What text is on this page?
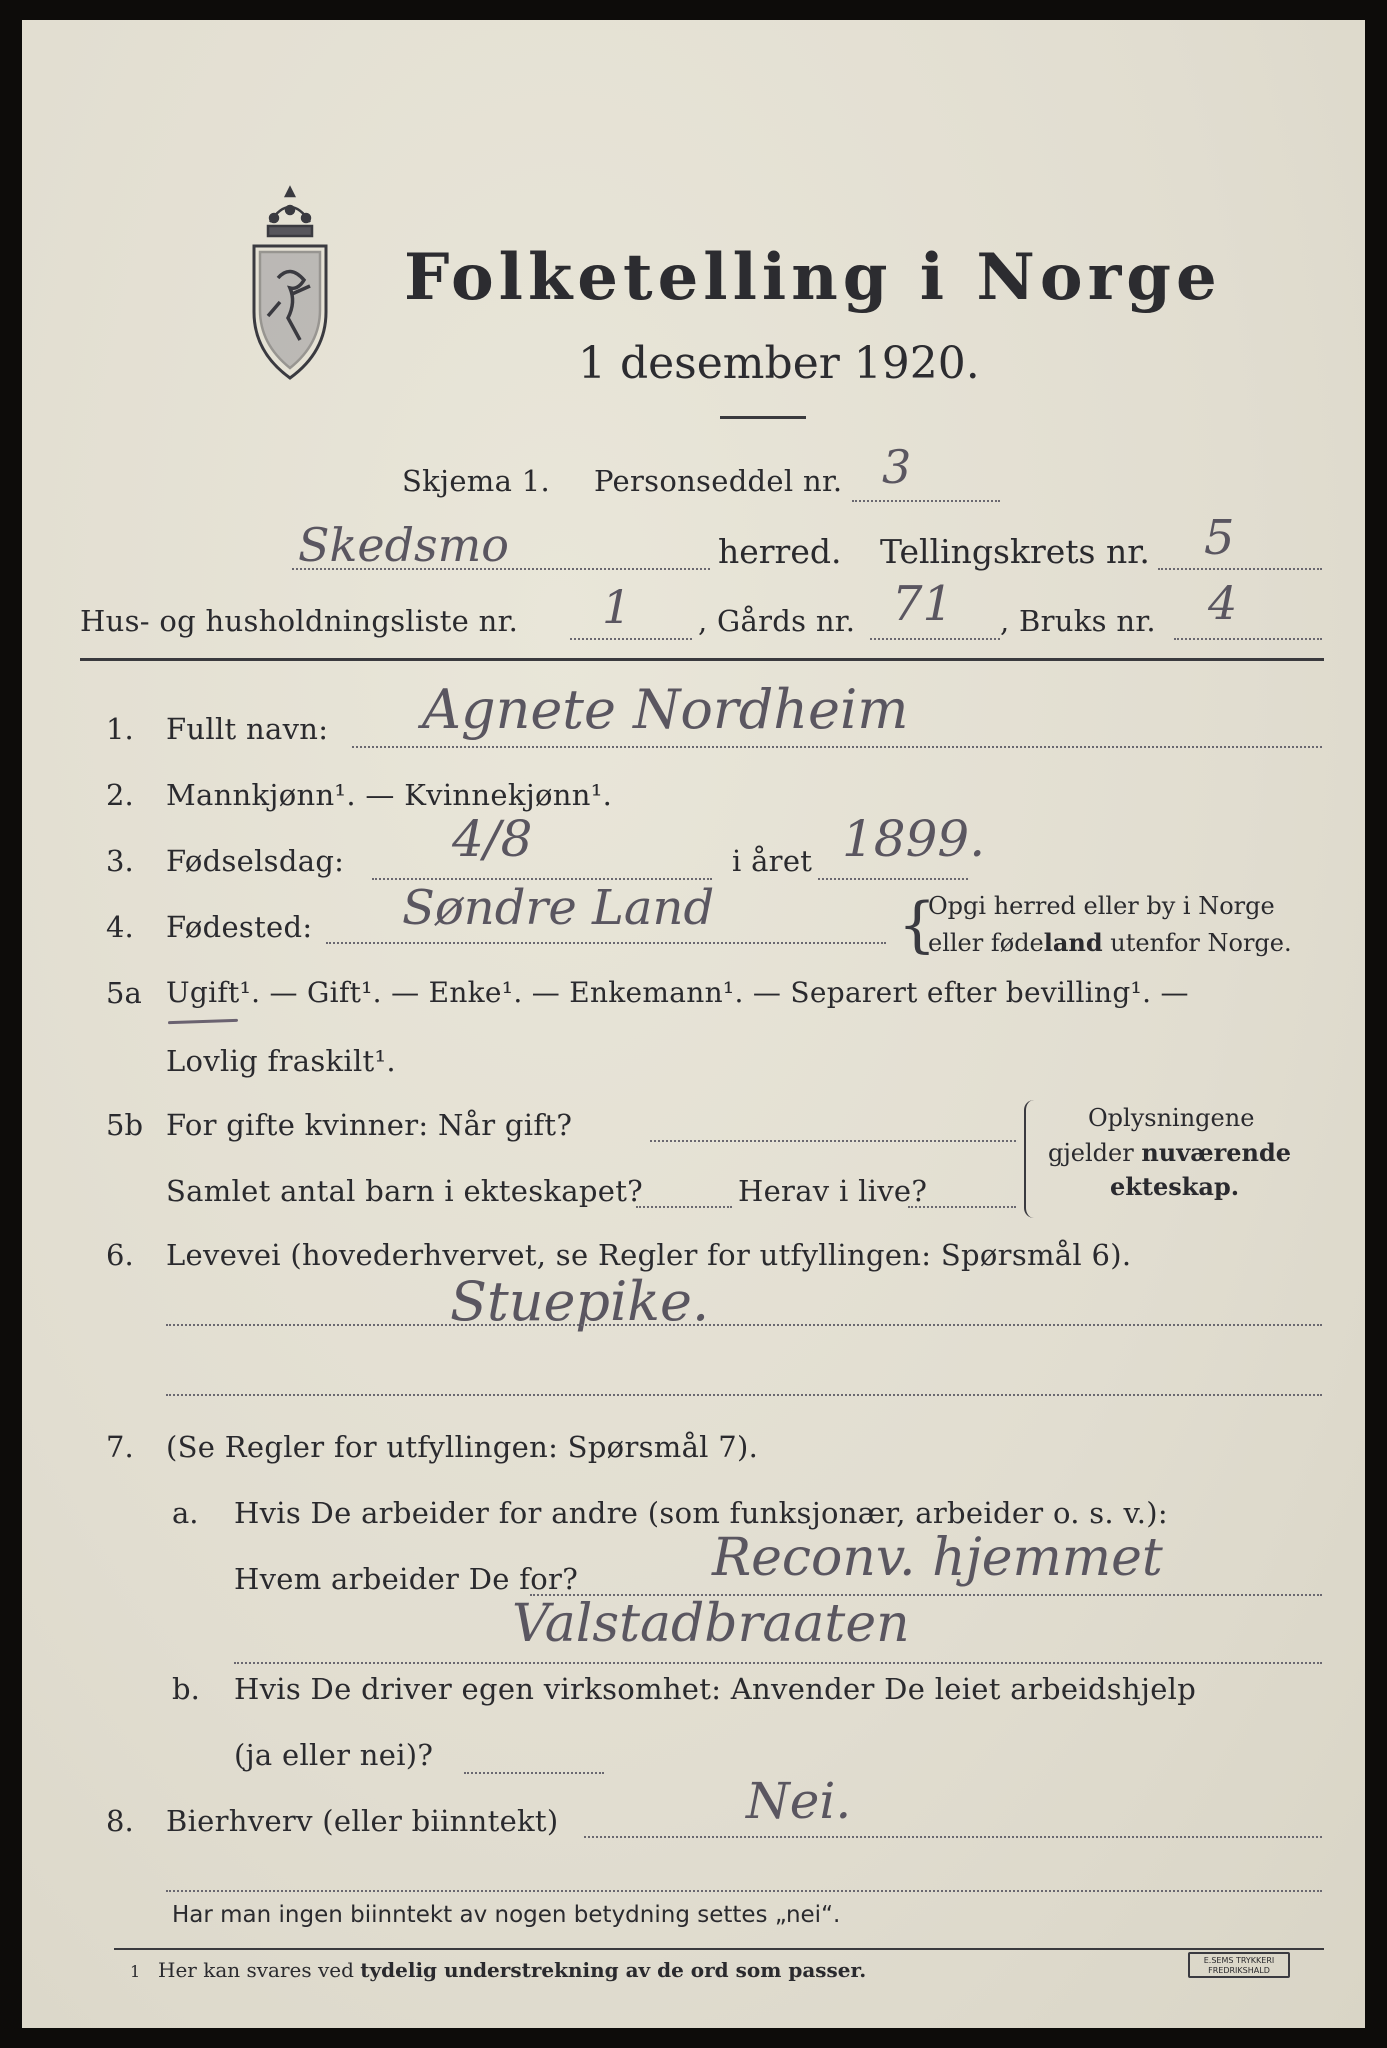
Folketelling i Norge
1 desember 1920.
Skjema 1. Personseddel nr. 3
Skedsmo	herred. Tellingskrets nr. 5
Hus- og husholdningsliste nr. 1 , Gårds nr. 71 , Bruks nr. 4
1. Fullt navn: Agnete Nordheim
2. Mannkjønn¹. — Kvinnekjønn¹.
3. Fødselsdag: 4/8	i året 1899.
4. Fødested: Søndre Land	{
Opgi herred eller by i Norge
eller fødeland utenfor Norge.
5a Ugift¹. — Gift¹. — Enke¹. — Enkemann¹. — Separert efter bevilling¹. —
Lovlig fraskilt¹.
5b For gifte kvinner: Når gift?
Samlet antal barn i ekteskapet?	Herav i live?
Oplysningene
gjelder nuværende
ekteskap.
6. Levevei (hovederhvervet, se Regler for utfyllingen: Spørsmål 6).
Stuepike.
7. (Se Regler for utfyllingen: Spørsmål 7).
a. Hvis De arbeider for andre (som funksjonær, arbeider o. s. v.):
Hvem arbeider De for?	Reconv. hjemmet
Valstadbraaten
b. Hvis De driver egen virksomhet: Anvender De leiet arbeidshjelp
(ja eller nei)?
8. Bierhverv (eller biinntekt)	Nei.
Har man ingen biinntekt av nogen betydning settes „nei“.
1 Her kan svares ved tydelig understrekning av de ord som passer.	E.SEMS TRYKKERI
FREDRIKSHALD
